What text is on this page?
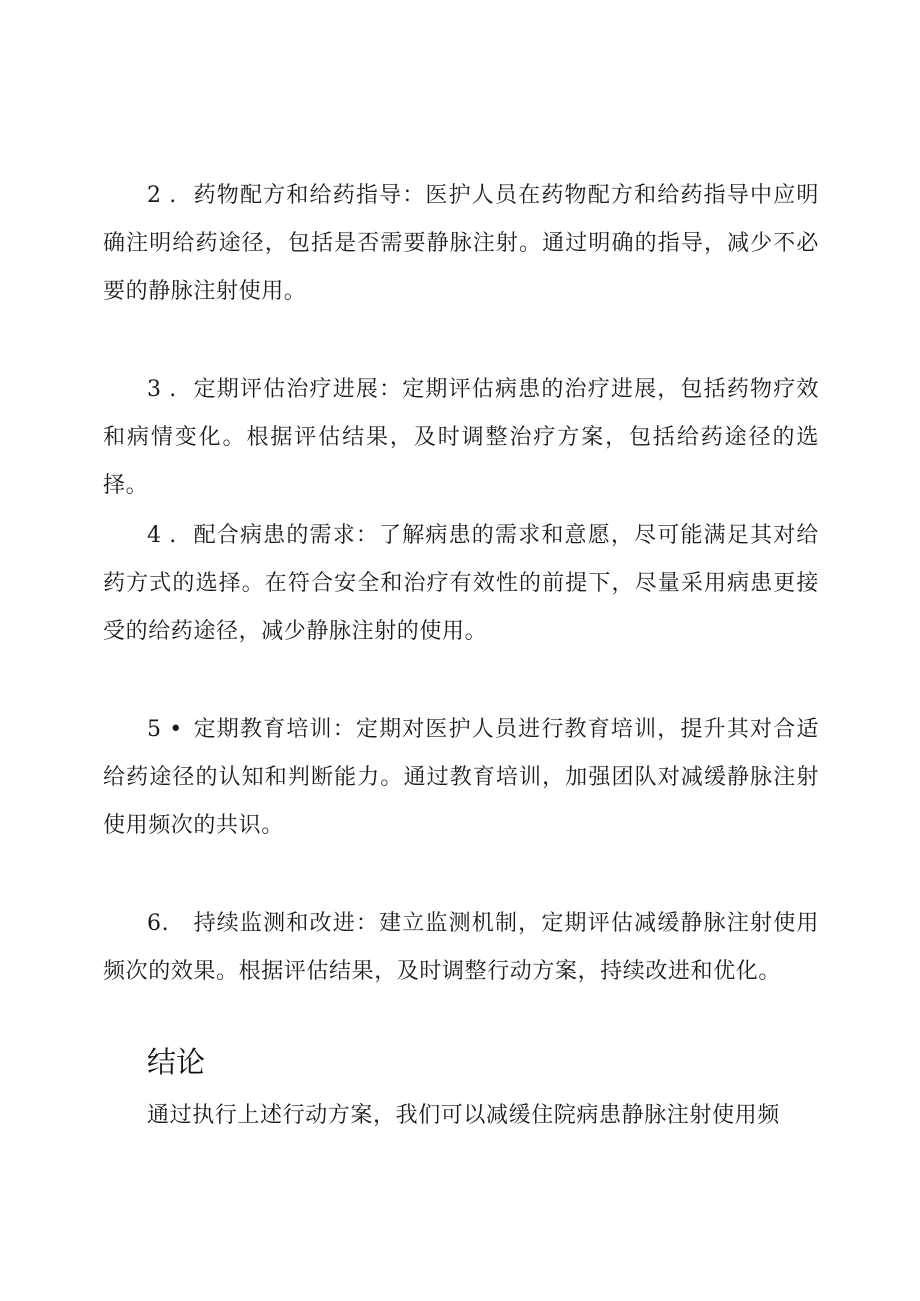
2 . 药物配方和给药指导：医护人员在药物配方和给药指导中应明确注明给药途径，包括是否需要静脉注射。通过明确的指导，减少不必要的静脉注射使用。
3 . 定期评估治疗进展：定期评估病患的治疗进展，包括药物疗效和病情变化。根据评估结果，及时调整治疗方案，包括给药途径的选择。
4 . 配合病患的需求：了解病患的需求和意愿，尽可能满足其对给药方式的选择。在符合安全和治疗有效性的前提下，尽量采用病患更接受的给药途径，减少静脉注射的使用。
5 • 定期教育培训：定期对医护人员进行教育培训，提升其对合适给药途径的认知和判断能力。通过教育培训，加强团队对减缓静脉注射使用频次的共识。
6. 持续监测和改进：建立监测机制，定期评估减缓静脉注射使用频次的效果。根据评估结果，及时调整行动方案，持续改进和优化。
结论
通过执行上述行动方案，我们可以减缓住院病患静脉注射使用频
